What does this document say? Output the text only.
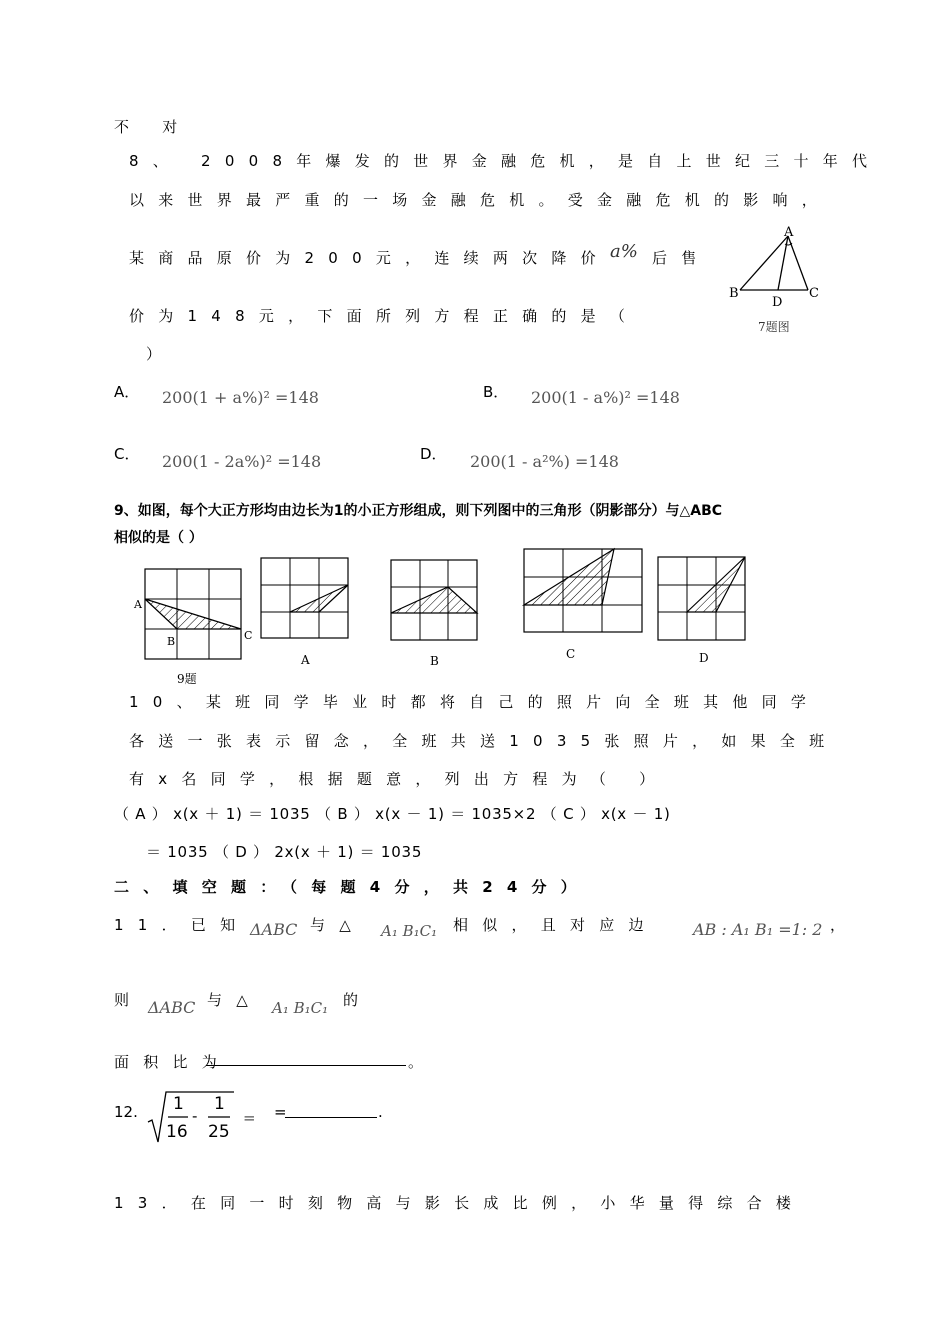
不 对
8、 2008年爆发的世界金融危机，是自上世纪三十年代
以来世界最严重的一场金融危机。受金融危机的影响，
某商品原价为200元，连续两次降价 a% 后售
价为148元，下面所列方程正确的是（
）
A
B
D
C
7题图
A． 200(1 + a%)² =148	B． 200(1 - a%)² =148
C． 200(1 - 2a%)² =148	D． 200(1 - a²%) =148
9、如图，每个大正方形均由边长为1的小正方形组成，则下列图中的三角形（阴影部分）与△ABC
相似的是（ ）
A
B	C
9题
A	B	C	D
10、某班同学毕业时都将自己的照片向全班其他同学
各送一张表示留念，全班共送1035张照片，如果全班
有x名同学，根据题意，列出方程为（ ）
（ A ） x(x ＋ 1) ＝ 1035 （ B ） x(x － 1) ＝ 1035×2 （ C ） x(x － 1)
＝ 1035 （ D ） 2x(x ＋ 1) ＝ 1035
二、填空题：（每题4分，共24分）
11．已知 ΔABC 与△ A₁ B₁C₁ 相似，且对应边 AB : A₁ B₁ =1: 2 ，
则 ΔABC 与△ A₁ B₁C₁ 的
面积比为	。
12. 1
16
-
1
25
= =	.
13．在同一时刻物高与影长成比例，小华量得综合楼
